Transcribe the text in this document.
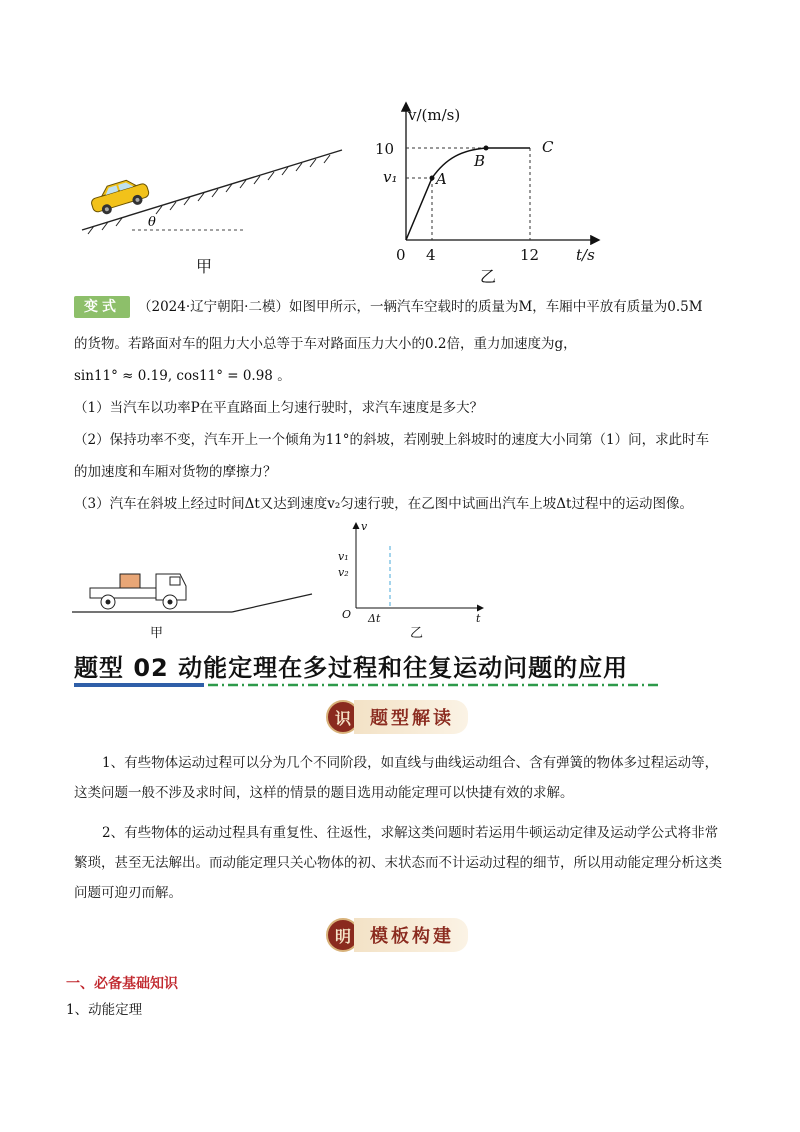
θ
甲
v/(m/s)
10
v₁
0 4	12 t/s
A
B
C
乙
变式 （2024·辽宁朝阳·二模）如图甲所示，一辆汽车空载时的质量为M，车厢中平放有质量为0.5M
的货物。若路面对车的阻力大小总等于车对路面压力大小的0.2倍，重力加速度为g，
sin11° ≈ 0.19, cos11° = 0.98 。
（1）当汽车以功率P在平直路面上匀速行驶时，求汽车速度是多大？
（2）保持功率不变，汽车开上一个倾角为11°的斜坡，若刚驶上斜坡时的速度大小同第（1）问，求此时车
的加速度和车厢对货物的摩擦力？
（3）汽车在斜坡上经过时间Δt又达到速度v₂匀速行驶，在乙图中试画出汽车上坡Δt过程中的运动图像。
甲
v
t
O
v₁
v₂
Δt
乙
题型 02 动能定理在多过程和往复运动问题的应用
识	题型解读
1、有些物体运动过程可以分为几个不同阶段，如直线与曲线运动组合、含有弹簧的物体多过程运动等，这类问题一般不涉及求时间，这样的情景的题目选用动能定理可以快捷有效的求解。
2、有些物体的运动过程具有重复性、往返性，求解这类问题时若运用牛顿运动定律及运动学公式将非常繁琐，甚至无法解出。而动能定理只关心物体的初、末状态而不计运动过程的细节，所以用动能定理分析这类问题可迎刃而解。
明	模板构建
一、必备基础知识
1、动能定理
